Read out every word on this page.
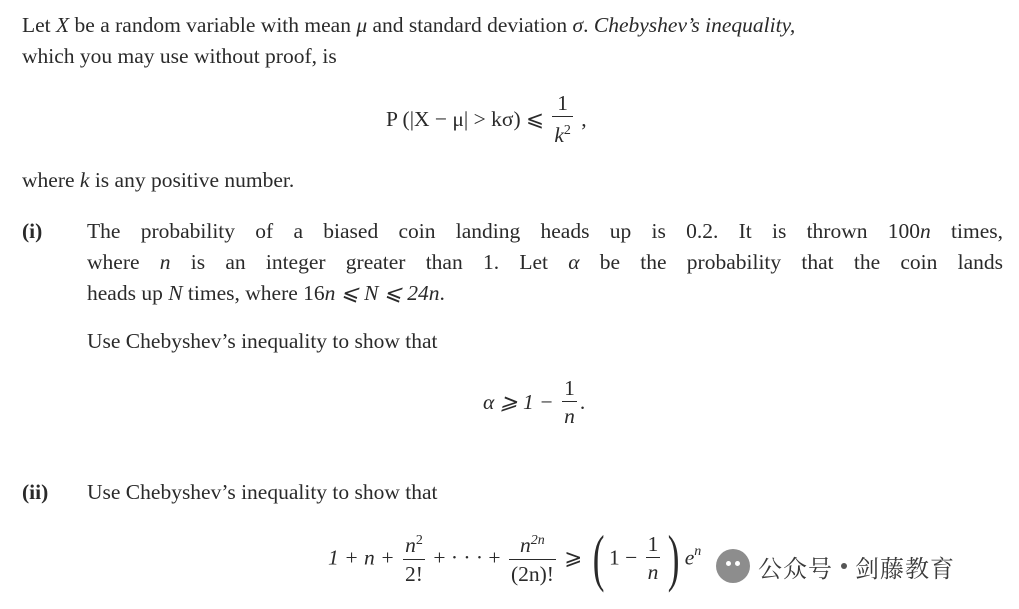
Let X be a random variable with mean μ and standard deviation σ. Chebyshev’s inequality,
which you may use without proof, is
P (|X − μ| > kσ) ⩽ $\frac{1}{k^2}$ ,
where k is any positive number.
(i) The probability of a biased coin landing heads up is 0.2. It is thrown 100n times,
where n is an integer greater than 1. Let α be the probability that the coin lands
heads up N times, where 16n ⩽ N ⩽ 24n.
Use Chebyshev’s inequality to show that
α ⩾ $1 - \frac{1}{n}$ .
(ii) Use Chebyshev’s inequality to show that
$1 + n + \frac{n^2}{2!}$ + · · · + $\frac{n^{2n}}{(2n)!}$ ⩾ ( $1 - \frac{1}{n}$ ) $e^n$
公众号 剑藤教育
